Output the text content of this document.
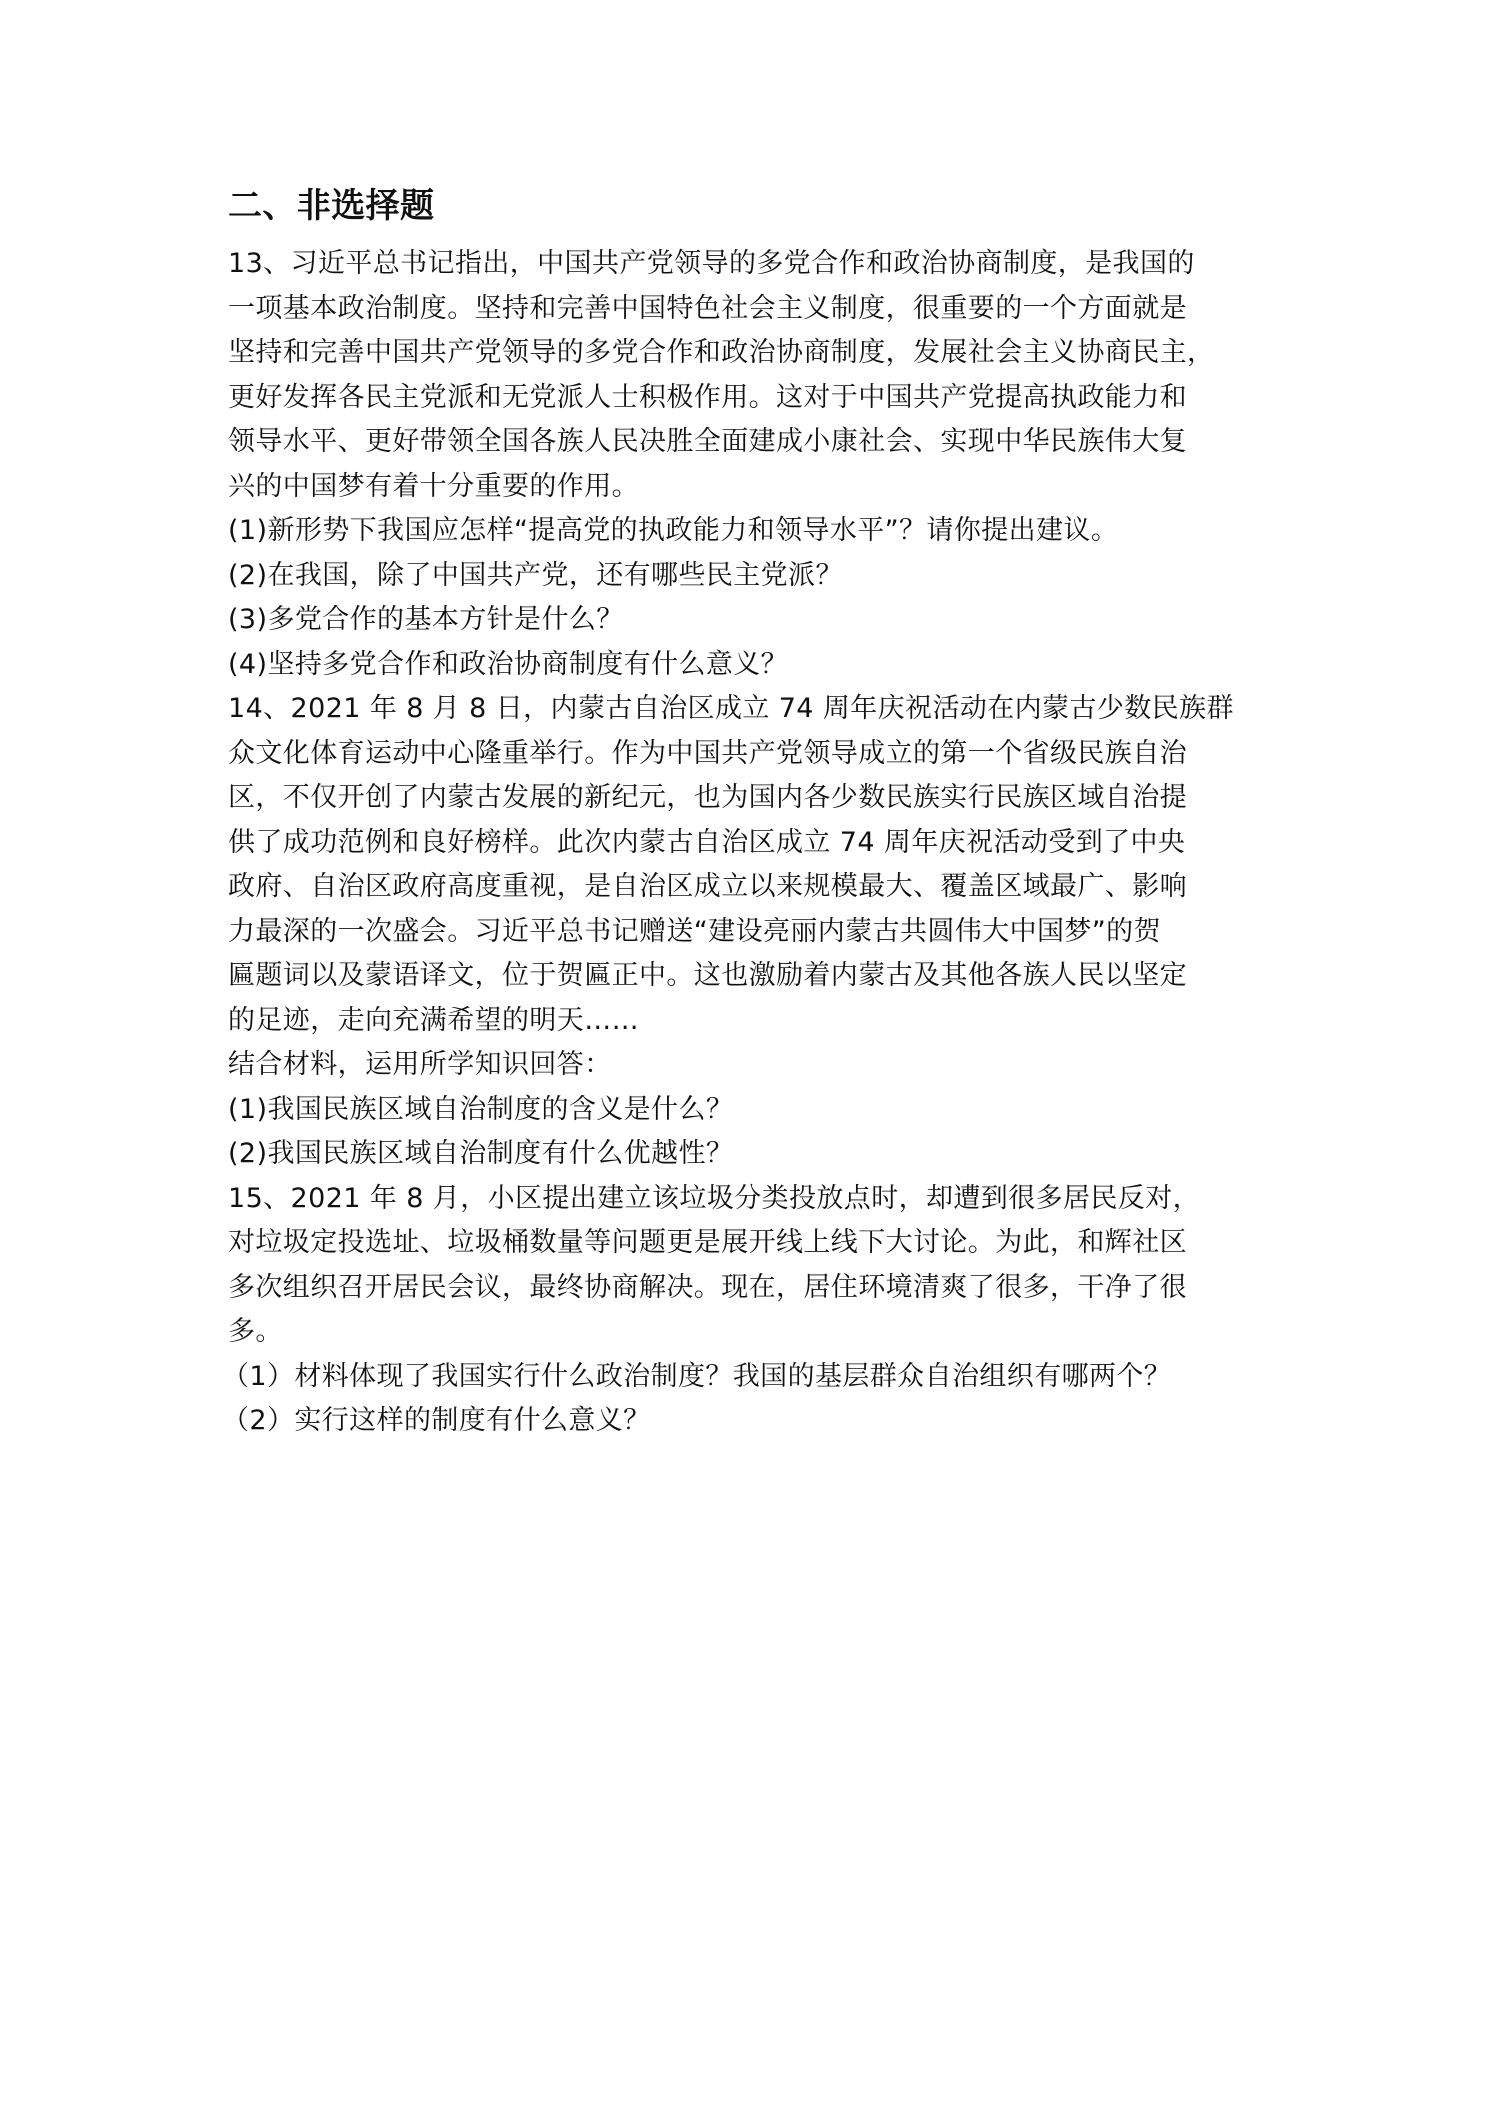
二、非选择题
13、习近平总书记指出，中国共产党领导的多党合作和政治协商制度，是我国的
一项基本政治制度。坚持和完善中国特色社会主义制度，很重要的一个方面就是
坚持和完善中国共产党领导的多党合作和政治协商制度，发展社会主义协商民主，
更好发挥各民主党派和无党派人士积极作用。这对于中国共产党提高执政能力和
领导水平、更好带领全国各族人民决胜全面建成小康社会、实现中华民族伟大复
兴的中国梦有着十分重要的作用。
(1)新形势下我国应怎样“提高党的执政能力和领导水平”？请你提出建议。
(2)在我国，除了中国共产党，还有哪些民主党派？
(3)多党合作的基本方针是什么？
(4)坚持多党合作和政治协商制度有什么意义？
14、2021 年 8 月 8 日，内蒙古自治区成立 74 周年庆祝活动在内蒙古少数民族群
众文化体育运动中心隆重举行。作为中国共产党领导成立的第一个省级民族自治
区，不仅开创了内蒙古发展的新纪元，也为国内各少数民族实行民族区域自治提
供了成功范例和良好榜样。此次内蒙古自治区成立 74 周年庆祝活动受到了中央
政府、自治区政府高度重视，是自治区成立以来规模最大、覆盖区域最广、影响
力最深的一次盛会。习近平总书记赠送“建设亮丽内蒙古共圆伟大中国梦”的贺
匾题词以及蒙语译文，位于贺匾正中。这也激励着内蒙古及其他各族人民以坚定
的足迹，走向充满希望的明天……
结合材料，运用所学知识回答：
(1)我国民族区域自治制度的含义是什么？
(2)我国民族区域自治制度有什么优越性？
15、2021 年 8 月，小区提出建立该垃圾分类投放点时，却遭到很多居民反对，
对垃圾定投选址、垃圾桶数量等问题更是展开线上线下大讨论。为此，和辉社区
多次组织召开居民会议，最终协商解决。现在，居住环境清爽了很多，干净了很
多。
（1）材料体现了我国实行什么政治制度？我国的基层群众自治组织有哪两个？
（2）实行这样的制度有什么意义？
